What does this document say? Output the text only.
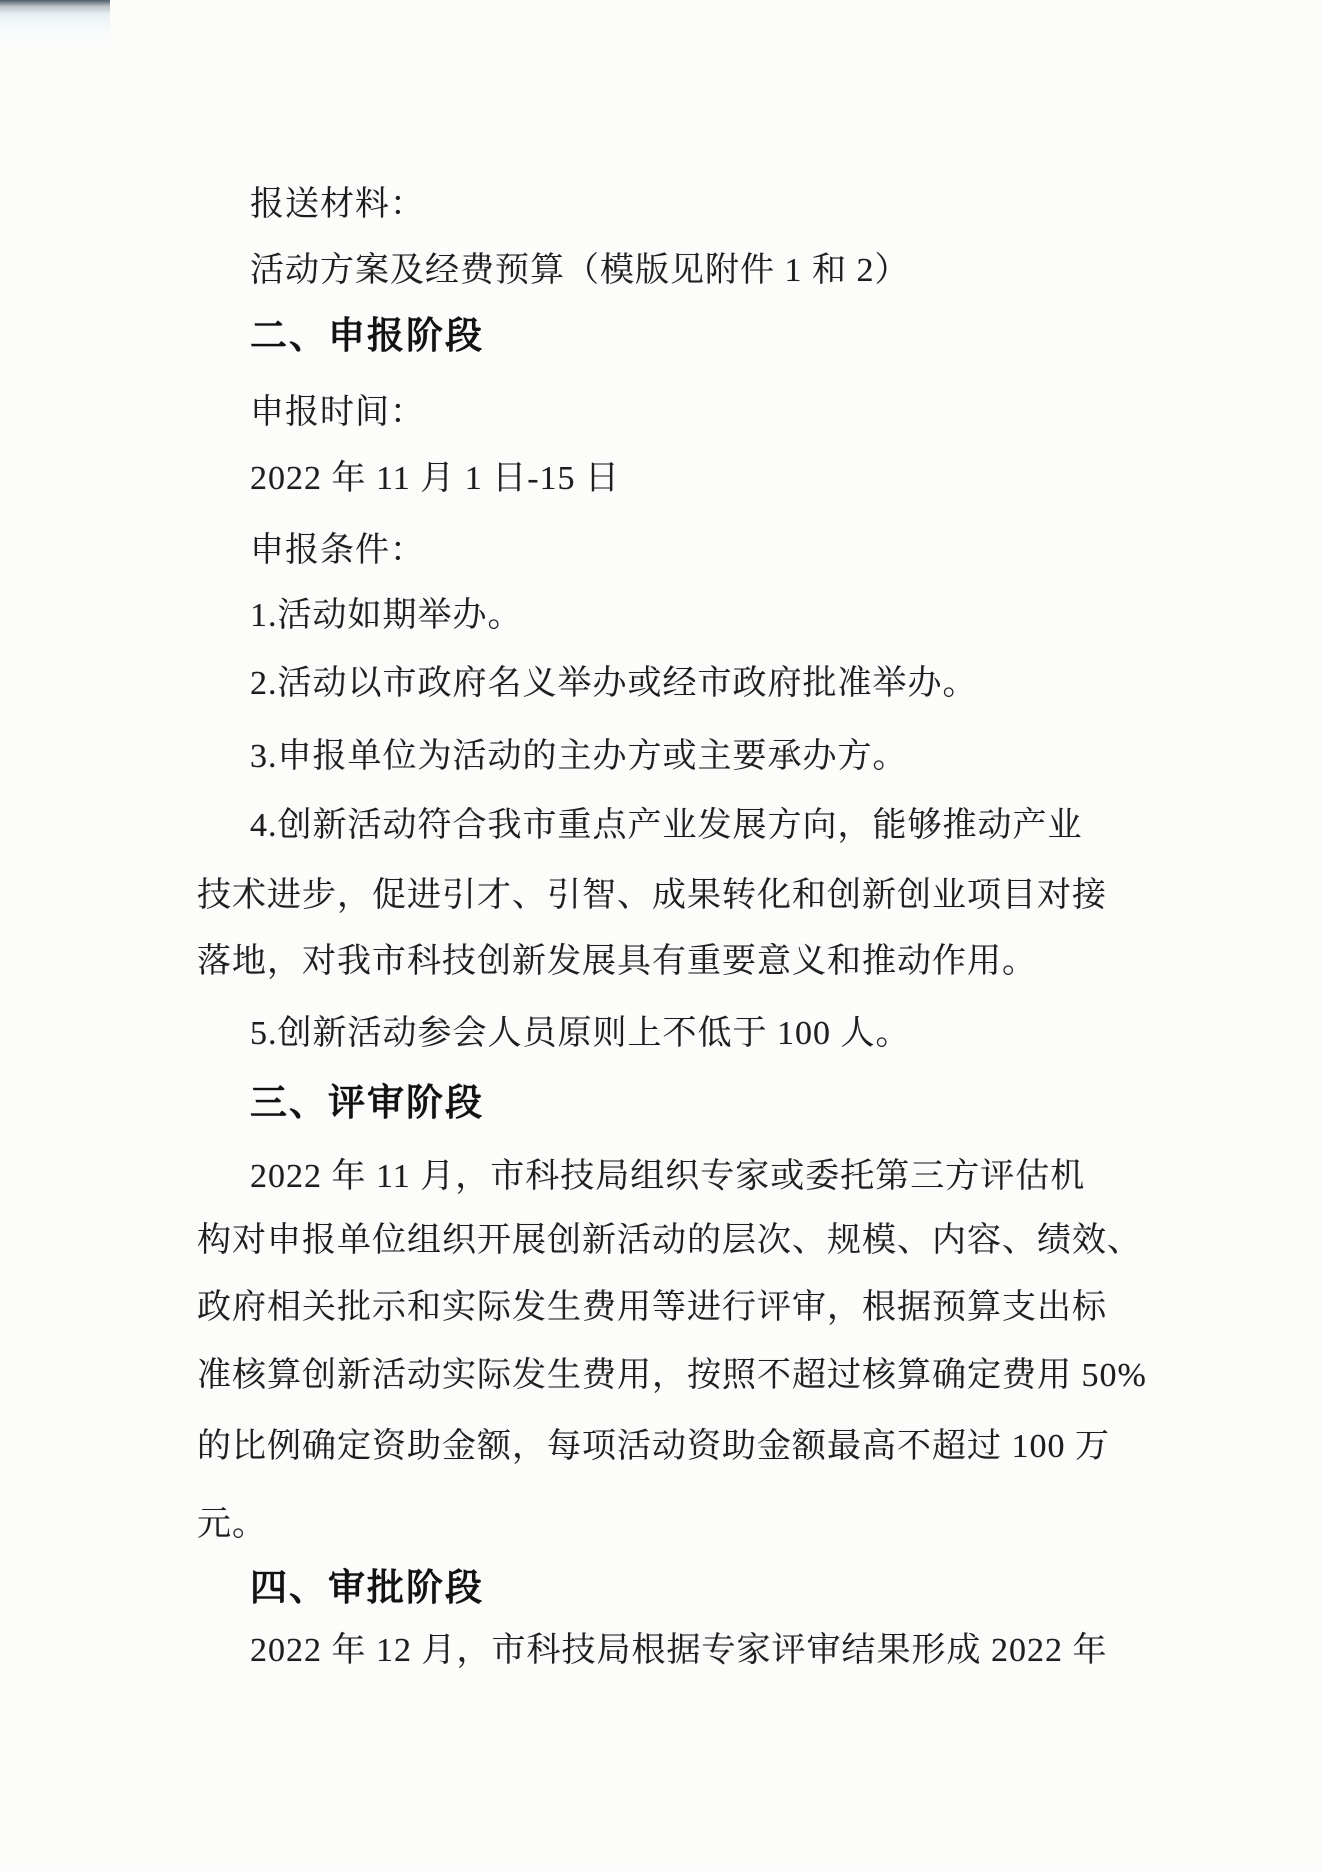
报送材料：
活动方案及经费预算（模版见附件 1 和 2）
二、申报阶段
申报时间：
2022 年 11 月 1 日-15 日
申报条件：
1.活动如期举办。
2.活动以市政府名义举办或经市政府批准举办。
3.申报单位为活动的主办方或主要承办方。
4.创新活动符合我市重点产业发展方向，能够推动产业
技术进步，促进引才、引智、成果转化和创新创业项目对接
落地，对我市科技创新发展具有重要意义和推动作用。
5.创新活动参会人员原则上不低于 100 人。
三、评审阶段
2022 年 11 月，市科技局组织专家或委托第三方评估机
构对申报单位组织开展创新活动的层次、规模、内容、绩效、
政府相关批示和实际发生费用等进行评审，根据预算支出标
准核算创新活动实际发生费用，按照不超过核算确定费用 50%
的比例确定资助金额，每项活动资助金额最高不超过 100 万
元。
四、审批阶段
2022 年 12 月，市科技局根据专家评审结果形成 2022 年
